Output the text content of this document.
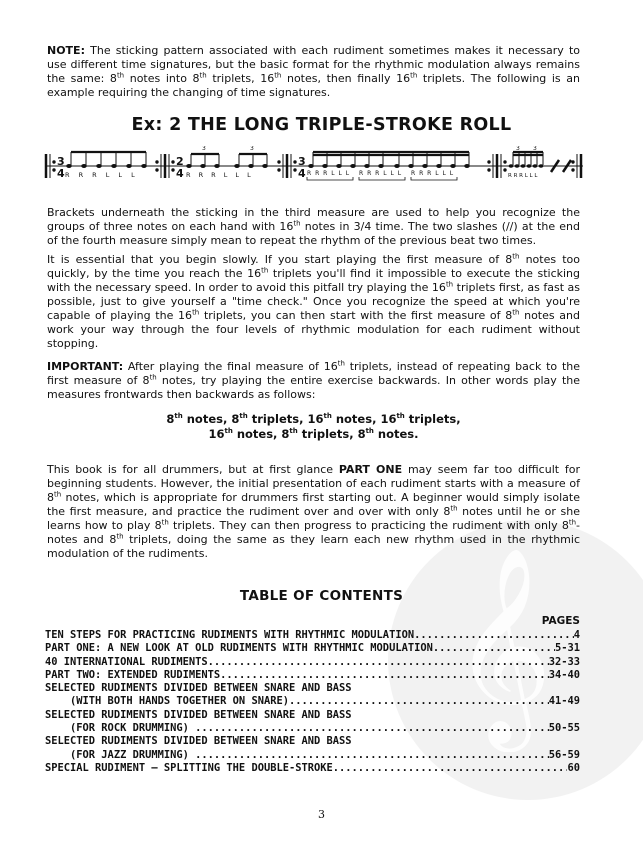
𝄞

NOTE: The sticking pattern associated with each rudiment sometimes makes it necessary to use different time signatures, but the basic format for the rhythmic modulation always remains the same: 8th notes into 8th triplets, 16th notes, then finally 16th triplets. The following is an example requiring the changing of time signatures.

Ex: 2 THE LONG TRIPLE-STROKE ROLL
3
4 R R R L L L
2
4
3	3
R R R L L L
3
4 R R R L L L R R R L L L R R R L L L
3 3
R R R L L L
/ /

Brackets underneath the sticking in the third measure are used to help you recognize the groups of three notes on each hand with 16th notes in 3/4 time. The two slashes (//) at the end of the fourth measure simply mean to repeat the rhythm of the previous beat two times.

It is essential that you begin slowly. If you start playing the first measure of 8th notes too quickly, by the time you reach the 16th triplets you'll find it impossible to execute the sticking with the necessary speed. In order to avoid this pitfall try playing the 16th triplets first, as fast as possible, just to give yourself a "time check." Once you recognize the speed at which you're capable of playing the 16th triplets, you can then start with the first measure of 8th notes and work your way through the four levels of rhythmic modulation for each rudiment without stopping.

IMPORTANT: After playing the final measure of 16th triplets, instead of repeating back to the first measure of 8th notes, try playing the entire exercise backwards. In other words play the measures frontwards then backwards as follows:

8th notes, 8th triplets, 16th notes, 16th triplets,
16th notes, 8th triplets, 8th notes.

This book is for all drummers, but at first glance PART ONE may seem far too difficult for beginning students. However, the initial presentation of each rudiment starts with a measure of 8th notes, which is appropriate for drummers first starting out. A beginner would simply isolate the first measure, and practice the rudiment over and over with only 8th notes until he or she learns how to play 8th triplets. They can then progress to practicing the rudiment with only 8th-notes and 8th triplets, doing the same as they learn each new rhythm used in the rhythmic modulation of the rudiments.

TABLE OF CONTENTS
PAGES
TEN STEPS FOR PRACTICING RUDIMENTS WITH RHYTHMIC MODULATION .....	4
PART ONE: A NEW LOOK AT OLD RUDIMENTS WITH RHYTHMIC MODULATION .....	5-31
40 INTERNATIONAL RUDIMENTS .....	32-33
PART TWO: EXTENDED RUDIMENTS .....	34-40
SELECTED RUDIMENTS DIVIDED BETWEEN SNARE AND BASS
(WITH BOTH HANDS TOGETHER ON SNARE) .....	41-49
SELECTED RUDIMENTS DIVIDED BETWEEN SNARE AND BASS
(FOR ROCK DRUMMING) .....	50-55
SELECTED RUDIMENTS DIVIDED BETWEEN SNARE AND BASS
(FOR JAZZ DRUMMING) .....	56-59
SPECIAL RUDIMENT — SPLITTING THE DOUBLE-STROKE .....	60
3
